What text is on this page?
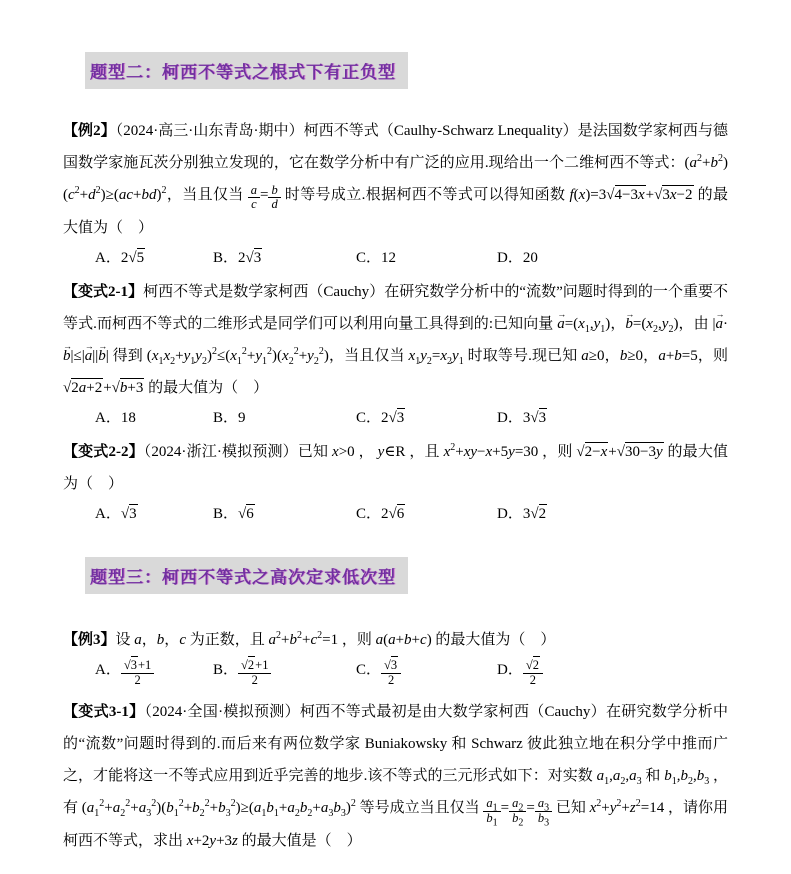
题型二：柯西不等式之根式下有正负型
【例2】（2024·高三·山东青岛·期中）柯西不等式（Caulhy-Schwarz Lnequality）是法国数学家柯西与德国数学家施瓦茨分别独立发现的，它在数学分析中有广泛的应用.现给出一个二维柯西不等式：$(a^2+b^2)(c^2+d^2)\ge(ac+bd)^2$，当且仅当 $\frac{a}{c} = \frac{b}{d}$ 时等号成立.根据柯西不等式可以得知函数 f(x)=3 √ 4−3x+ √ 3x−2 的最大值为（    ）
A．2 √ 5	B．2 √ 3	C．12	D．20
【变式2-1】柯西不等式是数学家柯西（Cauchy）在研究数学分析中的“流数”问题时得到的一个重要不等式.而柯西不等式的二维形式是同学们可以利用向量工具得到的:已知向量 → $a=(x_1,y_1)$，→ $b=(x_2,y_2)$，由 |→ a·→ b|≤|→ a||→ b| 得到 $(x_1x_2+y_1y_2)^2\le(x_1^2+y_1^2)(x_2^2+y_2^2)$，当且仅当 $x_1y_2=x_2y_1$ 时取等号.现已知 a≥0，b≥0，a+b=5，则 √ 2a+2+ √ b+3 的最大值为（    ）
A．18	B．9	C．2 √ 3	D．3 √ 3
【变式2-2】（2024·浙江·模拟预测）已知 x>0 ， y∈R ，且 $x^2+xy-x+5y=30$ ，则 √ 2−x+ √ 30−3y 的最大值为（    ）
A． √ 3	B． √ 6	C．2 √ 6	D．3 √ 2
题型三：柯西不等式之高次定求低次型
【例3】设 a，b，c 为正数，且 $a^2+b^2+c^2=1$ ，则 a(a+b+c) 的最大值为（    ）
A． √ $\frac{3+1}{2}$	B． √ $\frac{2+1}{2}$	C． √ $\frac{3}{2}$	D． √ $\frac{2}{2}$
【变式3-1】（2024·全国·模拟预测）柯西不等式最初是由大数学家柯西（Cauchy）在研究数学分析中的“流数”问题时得到的.而后来有两位数学家 Buniakowsky 和 Schwarz 彼此独立地在积分学中推而广之，才能将这一不等式应用到近乎完善的地步.该不等式的三元形式如下：对实数 $a_1,a_2,a_3$ 和 $b_1,b_2,b_3$ ，有 $(a_1^2+a_2^2+a_3^2)(b_1^2+b_2^2+b_3^2)\ge(a_1b_1+a_2b_2+a_3b_3)^2$ 等号成立当且仅当 $\frac{a_1}{b_1} = \frac{a_2}{b_2} = \frac{a_3}{b_3}$ 已知 $x^2+y^2+z^2=14$ ，请你用柯西不等式，求出 x+2y+3z 的最大值是（    ）
